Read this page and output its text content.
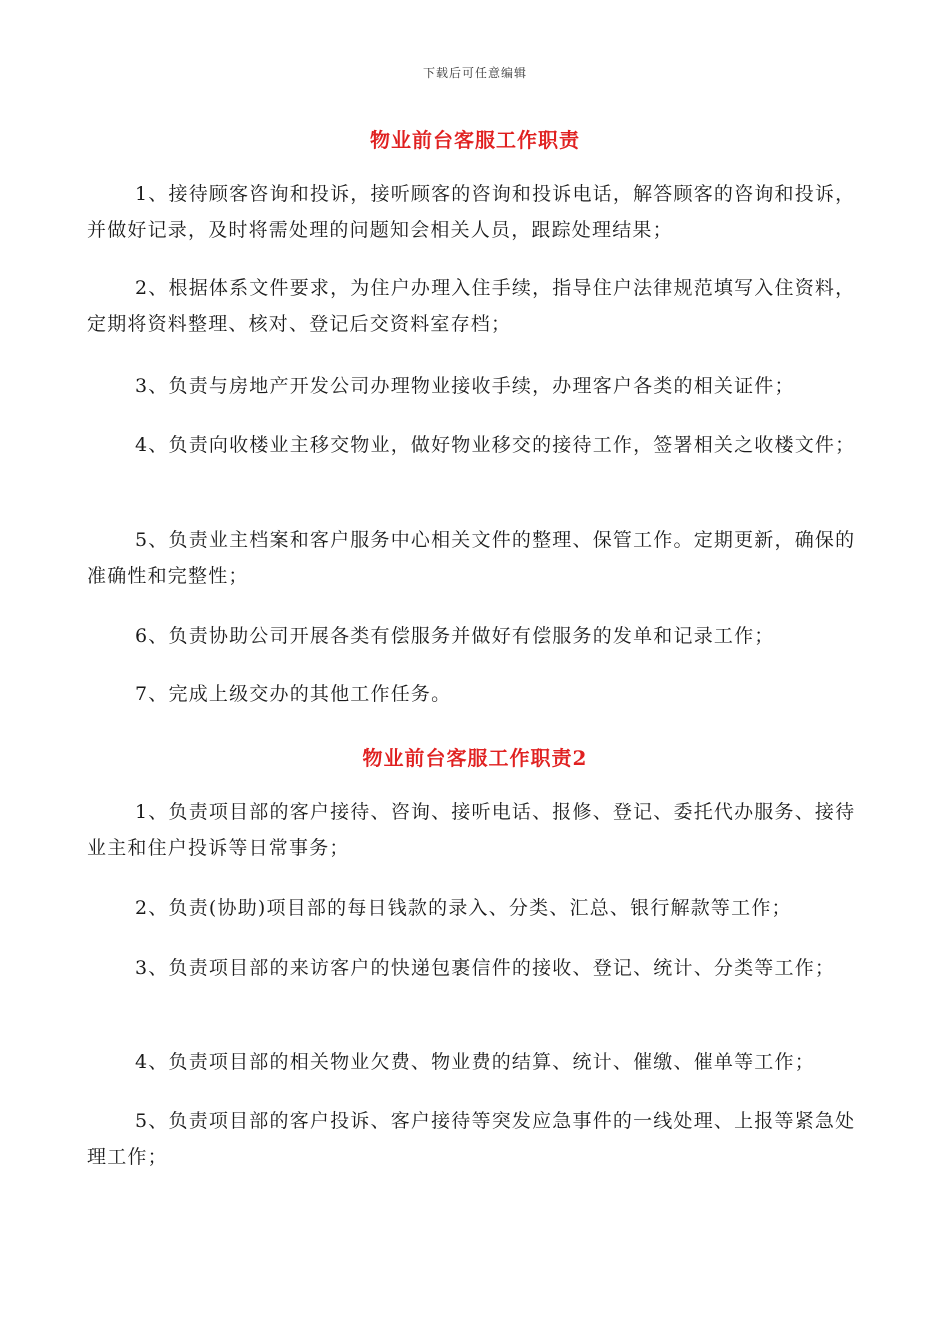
下载后可任意编辑
物业前台客服工作职责

1、接待顾客咨询和投诉，接听顾客的咨询和投诉电话，解答顾客的咨询和投诉，并做好记录，及时将需处理的问题知会相关人员，跟踪处理结果；

2、根据体系文件要求，为住户办理入住手续，指导住户法律规范填写入住资料，定期将资料整理、核对、登记后交资料室存档；

3、负责与房地产开发公司办理物业接收手续，办理客户各类的相关证件；

4、负责向收楼业主移交物业，做好物业移交的接待工作，签署相关之收楼文件；

5、负责业主档案和客户服务中心相关文件的整理、保管工作。定期更新，确保的准确性和完整性；

6、负责协助公司开展各类有偿服务并做好有偿服务的发单和记录工作；

7、完成上级交办的其他工作任务。

物业前台客服工作职责2

1、负责项目部的客户接待、咨询、接听电话、报修、登记、委托代办服务、接待业主和住户投诉等日常事务；

2、负责(协助)项目部的每日钱款的录入、分类、汇总、银行解款等工作；

3、负责项目部的来访客户的快递包裹信件的接收、登记、统计、分类等工作；

4、负责项目部的相关物业欠费、物业费的结算、统计、催缴、催单等工作；

5、负责项目部的客户投诉、客户接待等突发应急事件的一线处理、上报等紧急处理工作；
